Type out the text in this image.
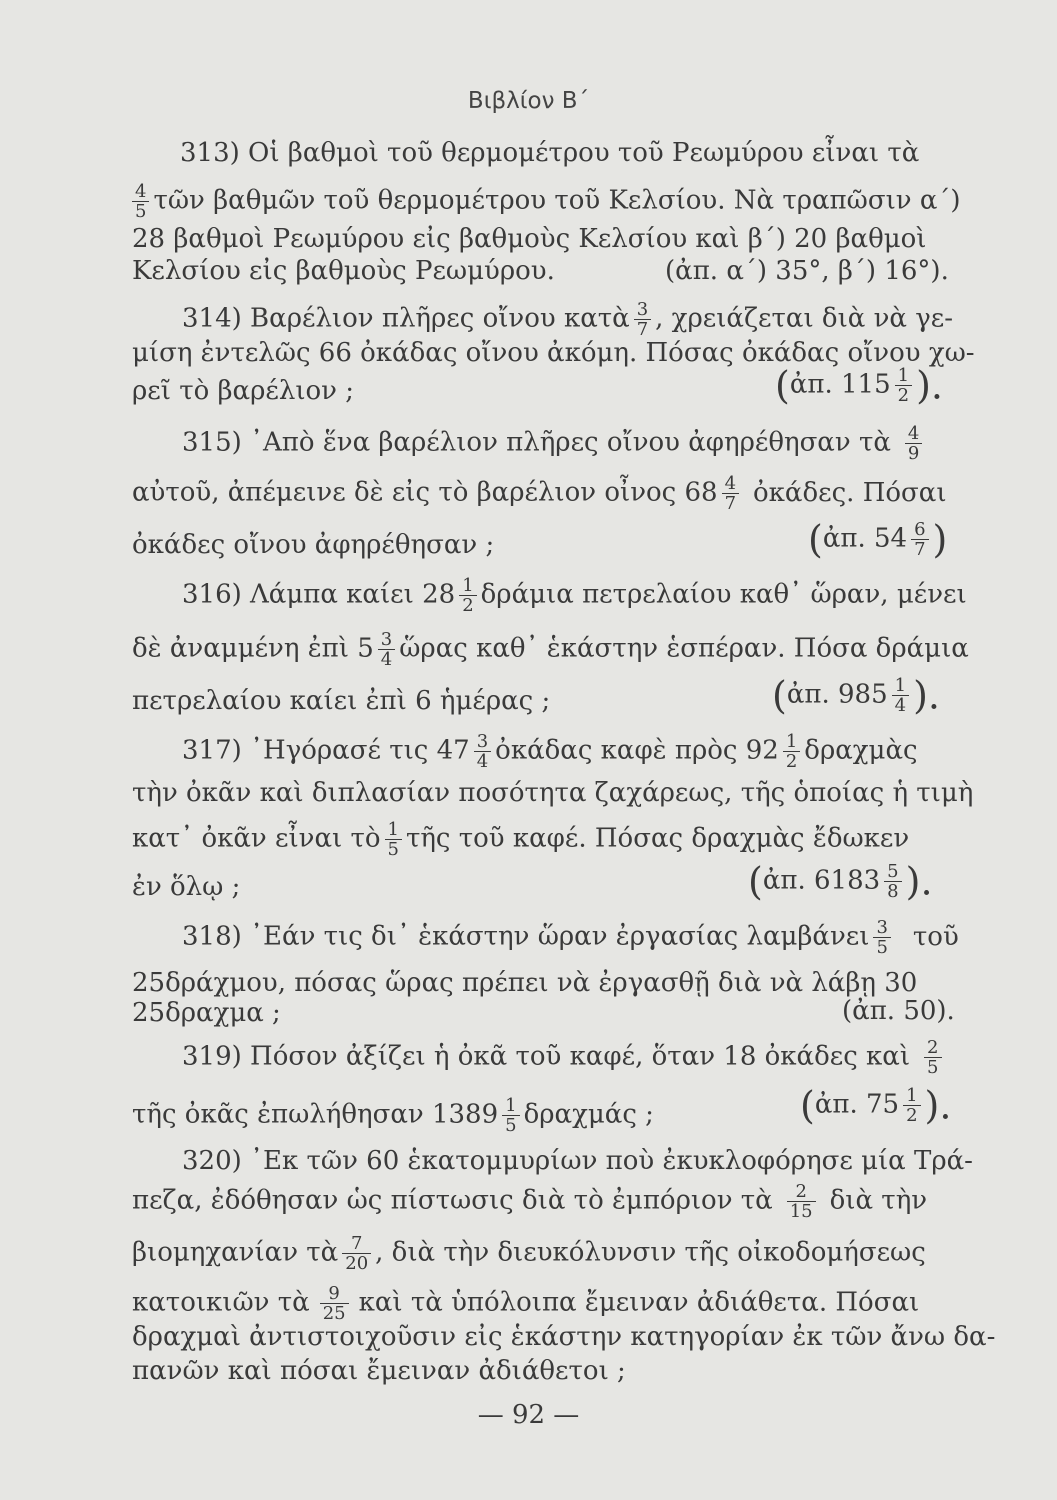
Βιβλίον Β΄
313) Οἱ βαθμοὶ τοῦ θερμομέτρου τοῦ Ρεωμύρου εἶναι τὰ
$\frac{4}{5}$ τῶν βαθμῶν τοῦ θερμομέτρου τοῦ Κελσίου. Νὰ τραπῶσιν α΄)
28 βαθμοὶ Ρεωμύρου εἰς βαθμοὺς Κελσίου καὶ β΄) 20 βαθμοὶ
Κελσίου εἰς βαθμοὺς Ρεωμύρου.	(ἀπ. α΄) 35°, β΄) 16°).
314) Βαρέλιον πλῆρες οἴνου κατὰ $\frac{3}{7}$ , χρειάζεται διὰ νὰ γε-
μίση ἐντελῶς 66 ὀκάδας οἴνου ἀκόμη. Πόσας ὀκάδας οἴνου χω-
ρεῖ τὸ βαρέλιον ;	(ἀπ. $115 \frac{1}{2}$ ).
315) ᾿Απὸ ἕνα βαρέλιον πλῆρες οἴνου ἀφηρέθησαν τὰ $\frac{4}{9}$
αὐτοῦ, ἀπέμεινε δὲ εἰς τὸ βαρέλιον οἶνος $68 \frac{4}{7}$ ὀκάδες. Πόσαι
ὀκάδες οἴνου ἀφηρέθησαν ;	(ἀπ. $54 \frac{6}{7}$ )
316) Λάμπα καίει $28 \frac{1}{2}$ δράμια πετρελαίου καθ᾿ ὥραν, μένει
δὲ ἀναμμένη ἐπὶ $5 \frac{3}{4}$ ὥρας καθ᾿ ἑκάστην ἑσπέραν. Πόσα δράμια
πετρελαίου καίει ἐπὶ 6 ἡμέρας ;	(ἀπ. $985 \frac{1}{4}$ ).
317) ᾿Ηγόρασέ τις $47 \frac{3}{4}$ ὀκάδας καφὲ πρὸς $92 \frac{1}{2}$ δραχμὰς
τὴν ὀκᾶν καὶ διπλασίαν ποσότητα ζαχάρεως, τῆς ὁποίας ἡ τιμὴ
κατ᾿ ὀκᾶν εἶναι τὸ $\frac{1}{5}$ τῆς τοῦ καφέ. Πόσας δραχμὰς ἔδωκεν
ἐν ὅλῳ ;	(ἀπ. $6183 \frac{5}{8}$ ).
318) ᾿Εάν τις δι᾿ ἑκάστην ὥραν ἐργασίας λαμβάνει $\frac{3}{5}$ τοῦ
25δράχμου, πόσας ὥρας πρέπει νὰ ἐργασθῇ διὰ νὰ λάβῃ 30
25δραχμα ;	(ἀπ. 50).
319) Πόσον ἀξίζει ἡ ὀκᾶ τοῦ καφέ, ὅταν 18 ὀκάδες καὶ $\frac{2}{5}$
τῆς ὀκᾶς ἐπωλήθησαν $1389 \frac{1}{5}$ δραχμάς ;	(ἀπ. $75 \frac{1}{2}$ ).
320) ᾿Εκ τῶν 60 ἑκατομμυρίων ποὺ ἐκυκλοφόρησε μία Τρά-
πεζα, ἐδόθησαν ὡς πίστωσις διὰ τὸ ἐμπόριον τὰ $\frac{2}{15}$ διὰ τὴν
βιομηχανίαν τὰ $\frac{7}{20}$ , διὰ τὴν διευκόλυνσιν τῆς οἰκοδομήσεως
κατοικιῶν τὰ $\frac{9}{25}$ καὶ τὰ ὑπόλοιπα ἔμειναν ἀδιάθετα. Πόσαι
δραχμαὶ ἀντιστοιχοῦσιν εἰς ἑκάστην κατηγορίαν ἐκ τῶν ἄνω δα-
πανῶν καὶ πόσαι ἔμειναν ἀδιάθετοι ;
— 92 —
